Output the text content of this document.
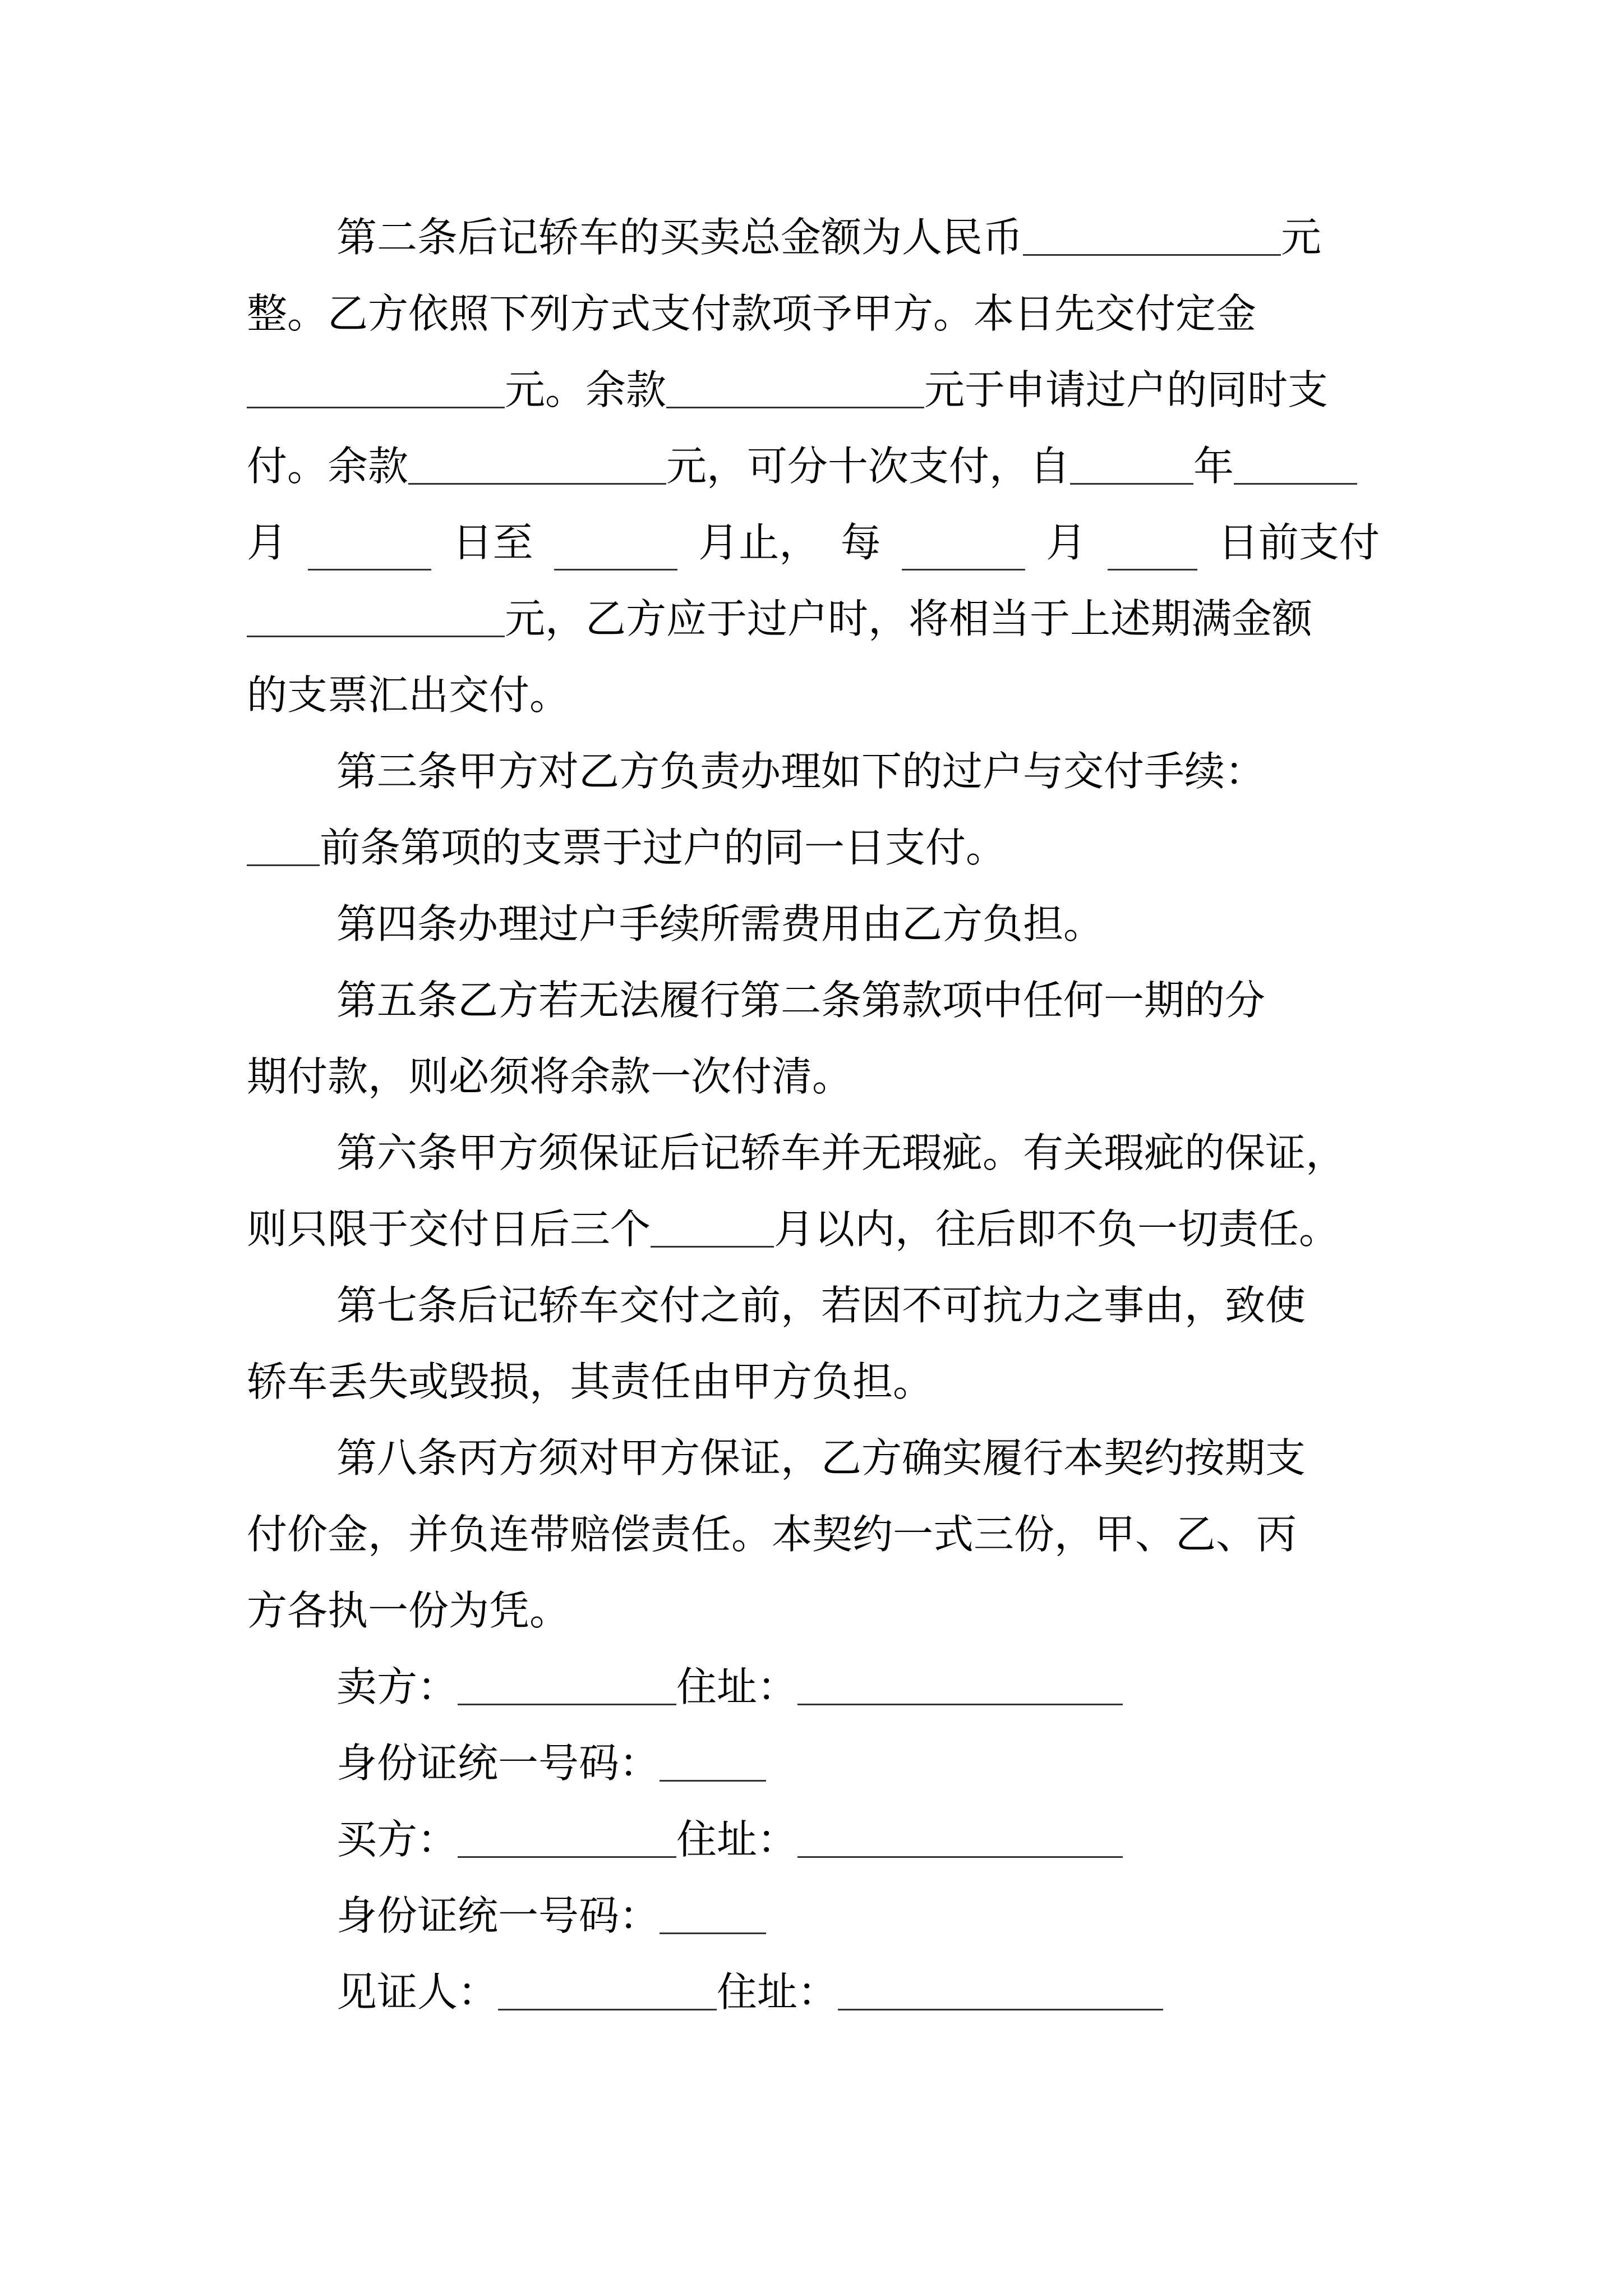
第二条后记轿车的买卖总金额为人民币	元
整。乙方依照下列方式支付款项予甲方。本日先交付定金
元。余款	元于申请过户的同时支
付。余款	元，可分十次支付，自	年
月	日至	月止， 每	月	日前支付
元，乙方应于过户时，将相当于上述期满金额
的支票汇出交付。
第三条甲方对乙方负责办理如下的过户与交付手续：
前条第项的支票于过户的同一日支付。
第四条办理过户手续所需费用由乙方负担。
第五条乙方若无法履行第二条第款项中任何一期的分
期付款，则必须将余款一次付清。
第六条甲方须保证后记轿车并无瑕疵。有关瑕疵的保证，
则只限于交付日后三个	月以内，往后即不负一切责任。
第七条后记轿车交付之前，若因不可抗力之事由，致使
轿车丢失或毁损，其责任由甲方负担。
第八条丙方须对甲方保证，乙方确实履行本契约按期支
付价金，并负连带赔偿责任。本契约一式三份，甲、乙、丙
方各执一份为凭。
卖方：	住址：
身份证统一号码：
买方：	住址：
身份证统一号码：
见证人：	住址：
